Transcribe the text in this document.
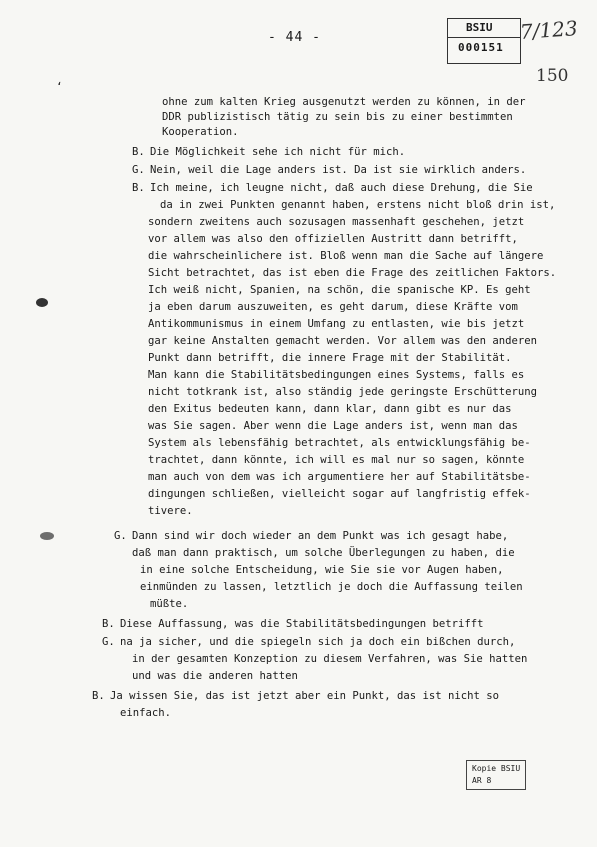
ʻ
- 44 -
BSIU
000151
7/123
150
ohne zum kalten Krieg ausgenutzt werden zu können, in der
DDR publizistisch tätig zu sein bis zu einer bestimmten
Kooperation.
B. Die Möglichkeit sehe ich nicht für mich.
G. Nein, weil die Lage anders ist. Da ist sie wirklich anders.
B. Ich meine, ich leugne nicht, daß auch diese Drehung, die Sie
da in zwei Punkten genannt haben, erstens nicht bloß drin ist,
sondern zweitens auch sozusagen massenhaft geschehen, jetzt
vor allem was also den offiziellen Austritt dann betrifft,
die wahrscheinlichere ist. Bloß wenn man die Sache auf längere
Sicht betrachtet, das ist eben die Frage des zeitlichen Faktors.
Ich weiß nicht, Spanien, na schön, die spanische KP. Es geht
ja eben darum auszuweiten, es geht darum, diese Kräfte vom
Antikommunismus in einem Umfang zu entlasten, wie bis jetzt
gar keine Anstalten gemacht werden. Vor allem was den anderen
Punkt dann betrifft, die innere Frage mit der Stabilität.
Man kann die Stabilitätsbedingungen eines Systems, falls es
nicht totkrank ist, also ständig jede geringste Erschütterung
den Exitus bedeuten kann, dann klar, dann gibt es nur das
was Sie sagen. Aber wenn die Lage anders ist, wenn man das
System als lebensfähig betrachtet, als entwicklungsfähig be-
trachtet, dann könnte, ich will es mal nur so sagen, könnte
man auch von dem was ich argumentiere her auf Stabilitätsbe-
dingungen schließen, vielleicht sogar auf langfristig effek-
tivere.
G. Dann sind wir doch wieder an dem Punkt was ich gesagt habe,
daß man dann praktisch, um solche Überlegungen zu haben, die
in eine solche Entscheidung, wie Sie sie vor Augen haben,
einmünden zu lassen, letztlich je doch die Auffassung teilen
müßte.
B. Diese Auffassung, was die Stabilitätsbedingungen betrifft
G. na ja sicher, und die spiegeln sich ja doch ein bißchen durch,
in der gesamten Konzeption zu diesem Verfahren, was Sie hatten
und was die anderen hatten
B. Ja wissen Sie, das ist jetzt aber ein Punkt, das ist nicht so
einfach.
Kopie BSIU
AR 8
